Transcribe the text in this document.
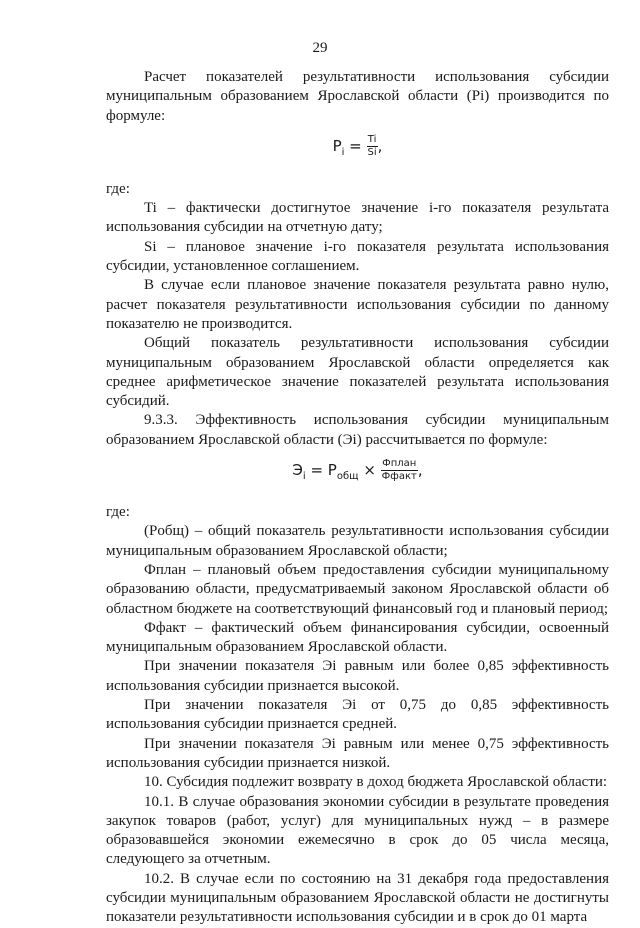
29

Расчет показателей результативности использования субсидии муниципальным образованием Ярославской области (Pi) производится по формуле:

$P_i = \frac{Ti}{Si}$ ,

где:

Ti – фактически достигнутое значение i-го показателя результата использования субсидии на отчетную дату;

Si – плановое значение i-го показателя результата использования субсидии, установленное соглашением.

В случае если плановое значение показателя результата равно нулю, расчет показателя результативности использования субсидии по данному показателю не производится.

Общий показатель результативности использования субсидии муниципальным образованием Ярославской области определяется как среднее арифметическое значение показателей результата использования субсидий.

9.3.3. Эффективность использования субсидии муниципальным образованием Ярославской области (Эi) рассчитывается по формуле:

$Э_i = P_{общ} \times \frac{\text{Фплан}}{\text{Ффакт}}$ ,

где:

(Pобщ) – общий показатель результативности использования субсидии муниципальным образованием Ярославской области;

Фплан – плановый объем предоставления субсидии муниципальному образованию области, предусматриваемый законом Ярославской области об областном бюджете на соответствующий финансовый год и плановый период;

Ффакт – фактический объем финансирования субсидии, освоенный муниципальным образованием Ярославской области.

При значении показателя Эi равным или более 0,85 эффективность использования субсидии признается высокой.

При значении показателя Эi от 0,75 до 0,85 эффективность использования субсидии признается средней.

При значении показателя Эi равным или менее 0,75 эффективность использования субсидии признается низкой.

10. Субсидия подлежит возврату в доход бюджета Ярославской области:

10.1. В случае образования экономии субсидии в результате проведения закупок товаров (работ, услуг) для муниципальных нужд – в размере образовавшейся экономии ежемесячно в срок до 05 числа месяца, следующего за отчетным.

10.2. В случае если по состоянию на 31 декабря года предоставления субсидии муниципальным образованием Ярославской области не достигнуты показатели результативности использования субсидии и в срок до 01 марта
